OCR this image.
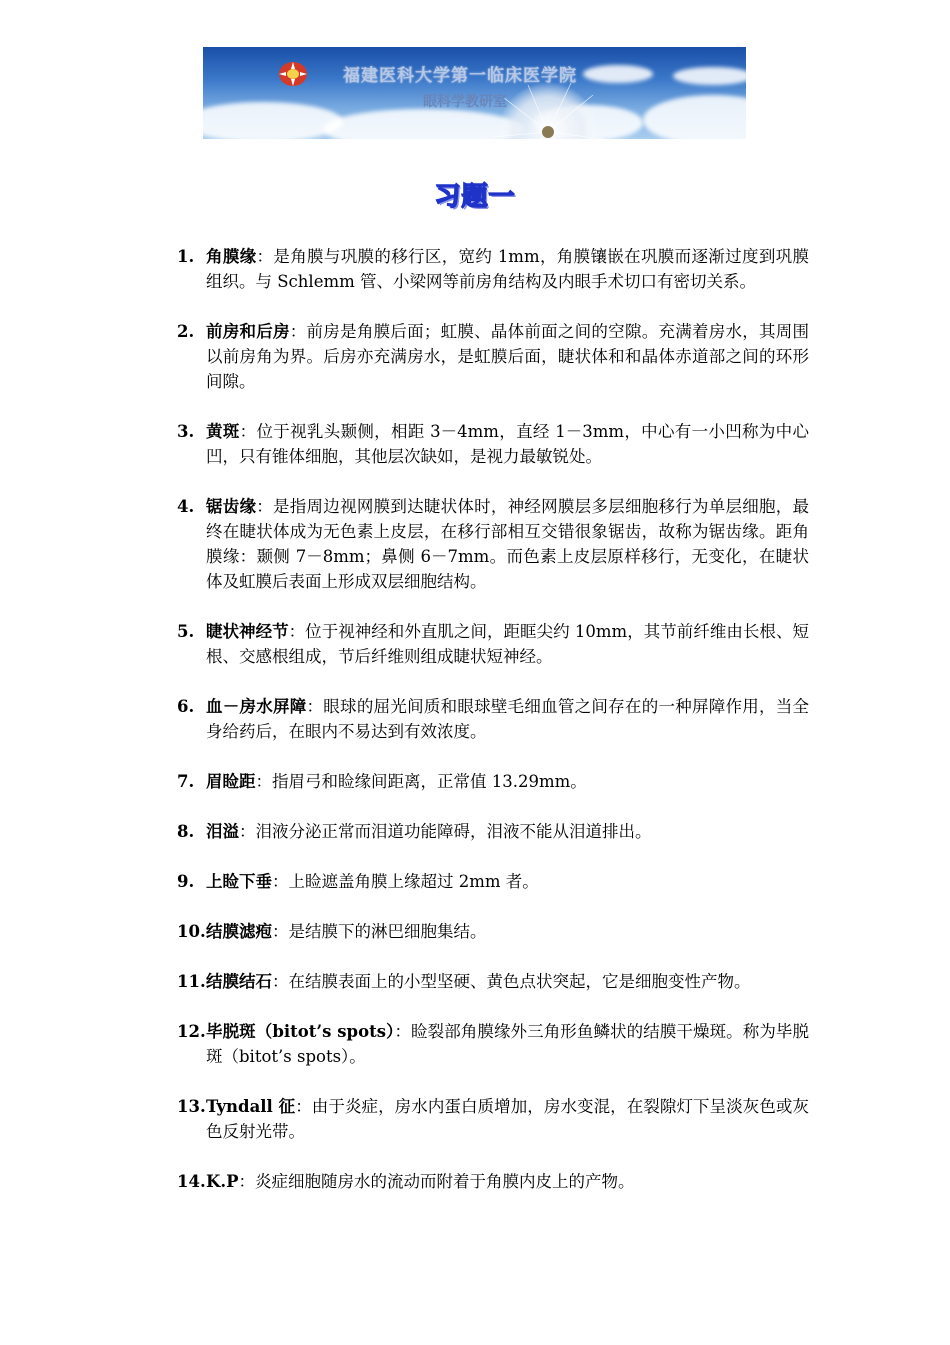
福建医科大学第一临床医学院
眼科学教研室
习题一
1. 角膜缘：是角膜与巩膜的移行区，宽约 1mm，角膜镶嵌在巩膜而逐渐过度到巩膜组织。与 Schlemm 管、小梁网等前房角结构及内眼手术切口有密切关系。
2. 前房和后房：前房是角膜后面；虹膜、晶体前面之间的空隙。充满着房水，其周围以前房角为界。后房亦充满房水，是虹膜后面，睫状体和和晶体赤道部之间的环形间隙。
3. 黄斑：位于视乳头颞侧，相距 3－4mm，直经 1－3mm，中心有一小凹称为中心凹，只有锥体细胞，其他层次缺如，是视力最敏锐处。
4. 锯齿缘：是指周边视网膜到达睫状体时，神经网膜层多层细胞移行为单层细胞，最终在睫状体成为无色素上皮层，在移行部相互交错很象锯齿，故称为锯齿缘。距角膜缘：颞侧 7－8mm；鼻侧 6－7mm。而色素上皮层原样移行，无变化，在睫状体及虹膜后表面上形成双层细胞结构。
5. 睫状神经节：位于视神经和外直肌之间，距眶尖约 10mm，其节前纤维由长根、短根、交感根组成，节后纤维则组成睫状短神经。
6. 血－房水屏障：眼球的屈光间质和眼球壁毛细血管之间存在的一种屏障作用，当全身给药后，在眼内不易达到有效浓度。
7. 眉睑距：指眉弓和睑缘间距离，正常值 13.29mm。
8. 泪溢：泪液分泌正常而泪道功能障碍，泪液不能从泪道排出。
9. 上睑下垂：上睑遮盖角膜上缘超过 2mm 者。
10. 结膜滤疱：是结膜下的淋巴细胞集结。
11. 结膜结石：在结膜表面上的小型坚硬、黄色点状突起，它是细胞变性产物。
12. 毕脱斑（bitot’s spots）：睑裂部角膜缘外三角形鱼鳞状的结膜干燥斑。称为毕脱斑（bitot’s spots）。
13. Tyndall 征：由于炎症，房水内蛋白质增加，房水变混，在裂隙灯下呈淡灰色或灰色反射光带。
14. K.P：炎症细胞随房水的流动而附着于角膜内皮上的产物。
